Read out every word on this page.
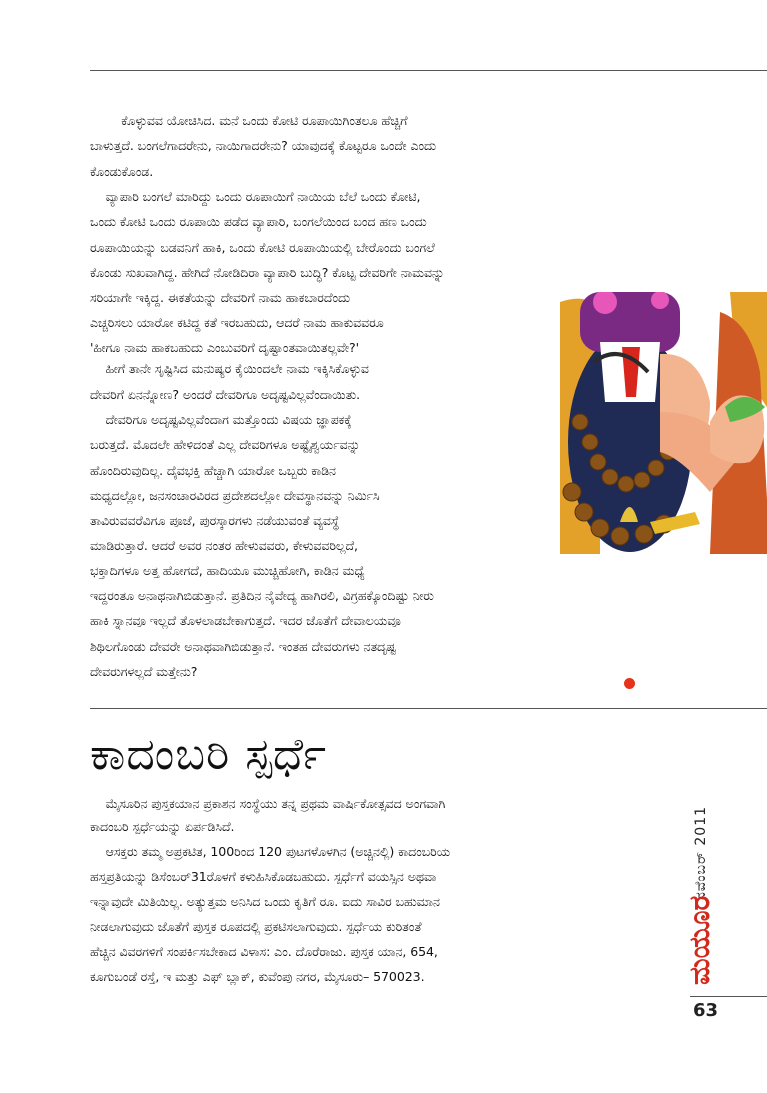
ಕೊಳ್ಳುವವ ಯೋಚಿಸಿದ. ಮನೆ ಒಂದು ಕೋಟಿ ರೂಪಾಯಿಗಿಂತಲೂ ಹೆಚ್ಚಿಗೆ
ಬಾಳುತ್ತದೆ. ಬಂಗಲೆಗಾದರೇನು, ನಾಯಿಗಾದರೇನು? ಯಾವುದಕ್ಕೆ ಕೊಟ್ಟರೂ ಒಂದೇ ಎಂದು
ಕೊಂಡುಕೊಂಡ.
ವ್ಯಾಪಾರಿ ಬಂಗಲೆ ಮಾರಿದ್ದು ಒಂದು ರೂಪಾಯಿಗೆ ನಾಯಿಯ ಬೆಲೆ ಒಂದು ಕೋಟಿ,
ಒಂದು ಕೋಟಿ ಒಂದು ರೂಪಾಯಿ ಪಡೆದ ವ್ಯಾಪಾರಿ, ಬಂಗಲೆಯಿಂದ ಬಂದ ಹಣ ಒಂದು
ರೂಪಾಯಿಯನ್ನು ಬಡವನಿಗೆ ಹಾಕಿ, ಒಂದು ಕೋಟಿ ರೂಪಾಯಿಯಲ್ಲಿ ಬೇರೊಂದು ಬಂಗಲೆ
ಕೊಂಡು ಸುಖವಾಗಿದ್ದ. ಹೇಗಿದೆ ನೋಡಿದಿರಾ ವ್ಯಾಪಾರಿ ಬುದ್ಧಿ? ಕೊಟ್ಟ ದೇವರಿಗೇ ನಾಮವನ್ನು
ಸರಿಯಾಗೇ ಇಕ್ಕಿದ್ದ. ಈಕತೆಯನ್ನು ದೇವರಿಗೆ ನಾಮ ಹಾಕಬಾರದೆಂದು
ಎಚ್ಚರಿಸಲು ಯಾರೋ ಕಟಿದ್ದ ಕತೆ ಇರಬಹುದು, ಆದರೆ ನಾಮ ಹಾಕುವವರೂ
'ಹೀಗೂ ನಾಮ ಹಾಕಬಹುದು ಎಂಬುವರಿಗೆ ದೃಷ್ಟಾಂತವಾಯಿತಲ್ಲವೇ?'
ಹೀಗೆ ತಾನೇ ಸೃಷ್ಟಿಸಿದ ಮನುಷ್ಯರ ಕೈಯಿಂದಲೇ ನಾಮ ಇಕ್ಕಿಸಿಕೊಳ್ಳುವ
ದೇವರಿಗೆ ಏನನ್ನೋಣ? ಅಂದರೆ ದೇವರಿಗೂ ಅದೃಷ್ಟವಿಲ್ಲವೆಂದಾಯಿತು.
ದೇವರಿಗೂ ಅದೃಷ್ಟವಿಲ್ಲವೆಂದಾಗ ಮತ್ತೊಂದು ವಿಷಯ ಜ್ಞಾಪಕಕ್ಕೆ
ಬರುತ್ತದೆ. ಮೊದಲೇ ಹೇಳಿದಂತೆ ಎಲ್ಲ ದೇವರಿಗಳೂ ಅಷ್ಟೈಶ್ವರ್ಯವನ್ನು
ಹೊಂದಿರುವುದಿಲ್ಲ. ದೈವಭಕ್ತಿ ಹೆಚ್ಚಾಗಿ ಯಾರೋ ಒಬ್ಬರು ಕಾಡಿನ
ಮಧ್ಯದಲ್ಲೋ, ಜನಸಂಚಾರವಿರದ ಪ್ರದೇಶದಲ್ಲೋ ದೇವಸ್ಥಾನವನ್ನು ನಿರ್ಮಿಸಿ
ತಾವಿರುವವರೆವಿಗೂ ಪೂಜೆ, ಪುರಸ್ಕಾರಗಳು ನಡೆಯುವಂತೆ ವ್ಯವಸ್ಥೆ
ಮಾಡಿರುತ್ತಾರೆ. ಆದರೆ ಅವರ ನಂತರ ಹೇಳುವವರು, ಕೇಳುವವರಿಲ್ಲದೆ,
ಭಕ್ತಾದಿಗಳೂ ಅತ್ತ ಹೋಗದೆ, ಹಾದಿಯೂ ಮುಚ್ಚಿಹೋಗಿ, ಕಾಡಿನ ಮಧ್ಯೆ
ಇದ್ದರಂತೂ ಅನಾಥನಾಗಿಬಿಡುತ್ತಾನೆ. ಪ್ರತಿದಿನ ನೈವೇದ್ಯ ಹಾಗಿರಲಿ, ವಿಗ್ರಹಕ್ಕೊಂದಿಷ್ಟು ನೀರು
ಹಾಕಿ ಸ್ನಾನವೂ ಇಲ್ಲದೆ ತೊಳಲಾಡಬೇಕಾಗುತ್ತದೆ. ಇದರ ಜೊತೆಗೆ ದೇವಾಲಯವೂ
ಶಿಥಿಲಗೊಂಡು ದೇವರೇ ಅನಾಥವಾಗಿಬಿಡುತ್ತಾನೆ. ಇಂತಹ ದೇವರುಗಳು ನತದೃಷ್ಟ
ದೇವರುಗಳಲ್ಲದೆ ಮತ್ತೇನು?
ಕಾದಂಬರಿ ಸ್ಪರ್ಧೆ
ಮೈಸೂರಿನ ಪುಸ್ತಕಯಾನ ಪ್ರಕಾಶನ ಸಂಸ್ಥೆಯು ತನ್ನ ಪ್ರಥಮ ವಾರ್ಷಿಕೋತ್ಸವದ ಅಂಗವಾಗಿ
ಕಾದಂಬರಿ ಸ್ಪರ್ಧೆಯನ್ನು ಏರ್ಪಡಿಸಿದೆ.
ಆಸಕ್ತರು ತಮ್ಮ ಅಪ್ರಕಟಿತ, 100ರಿಂದ 120 ಪುಟಗಳೊಳಗಿನ (ಅಚ್ಚಿನಲ್ಲಿ) ಕಾದಂಬರಿಯ
ಹಸ್ತಪ್ರತಿಯನ್ನು ಡಿಸೆಂಬರ್31ರೊಳಗೆ ಕಳುಹಿಸಿಕೊಡಬಹುದು. ಸ್ಪರ್ಧೆಗೆ ವಯಸ್ಸಿನ ಅಥವಾ
ಇನ್ನಾವುದೇ ಮಿತಿಯಿಲ್ಲ. ಅತ್ಯುತ್ತಮ ಅನಿಸಿದ ಒಂದು ಕೃತಿಗೆ ರೂ. ಐದು ಸಾವಿರ ಬಹುಮಾನ
ನೀಡಲಾಗುವುದು ಜೊತೆಗೆ ಪುಸ್ತಕ ರೂಪದಲ್ಲಿ ಪ್ರಕಟಿಸಲಾಗುವುದು. ಸ್ಪರ್ಧೆಯ ಕುರಿತಂತೆ
ಹೆಚ್ಚಿನ ವಿವರಗಳಿಗೆ ಸಂಪರ್ಕಿಸಬೇಕಾದ ವಿಳಾಸ: ಎಂ. ದೊರೆರಾಜು. ಪುಸ್ತಕ ಯಾನ, 654,
ಕೂಗುಬಂಡೆ ರಸ್ತೆ, ಇ ಮತ್ತು ಎಫ್ ಬ್ಲಾಕ್, ಕುವೆಂಪು ನಗರ, ಮೈಸೂರು– 570023.
ನವೆಂಬರ್ 2011
ಮಯೂರ
63
